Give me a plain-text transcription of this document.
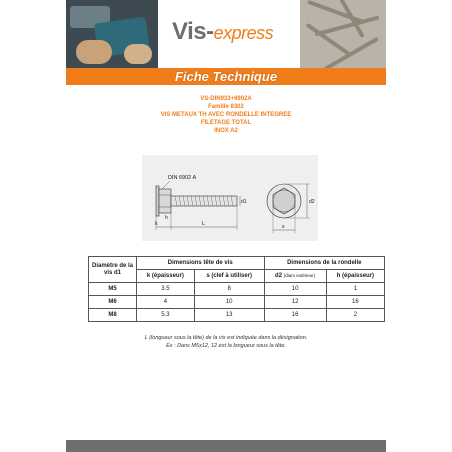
Vis-express
Fiche Technique
VS-DIN933+6902A
Famille 8302
VIS METAUX TH AVEC RONDELLE INTEGREE
FILETAGE TOTAL
INOX A2
DIN 6902 A
d1
L
k
h
d2
s
Diamètre de la vis d1	Dimensions tête de vis		Dimensions de la rondelle	
	k (épaisseur)	s (clef à utiliser)	d2 (diam extérieur)	h (épaisseur)
M5	3.5	8	10	1
M6	4	10	12	16
M8	5.3	13	16	2
L (longueur sous la tête) de la vis est indiquée dans la désignation.
Ex : Dans M5x12, 12 est la longueur sous la tête.
